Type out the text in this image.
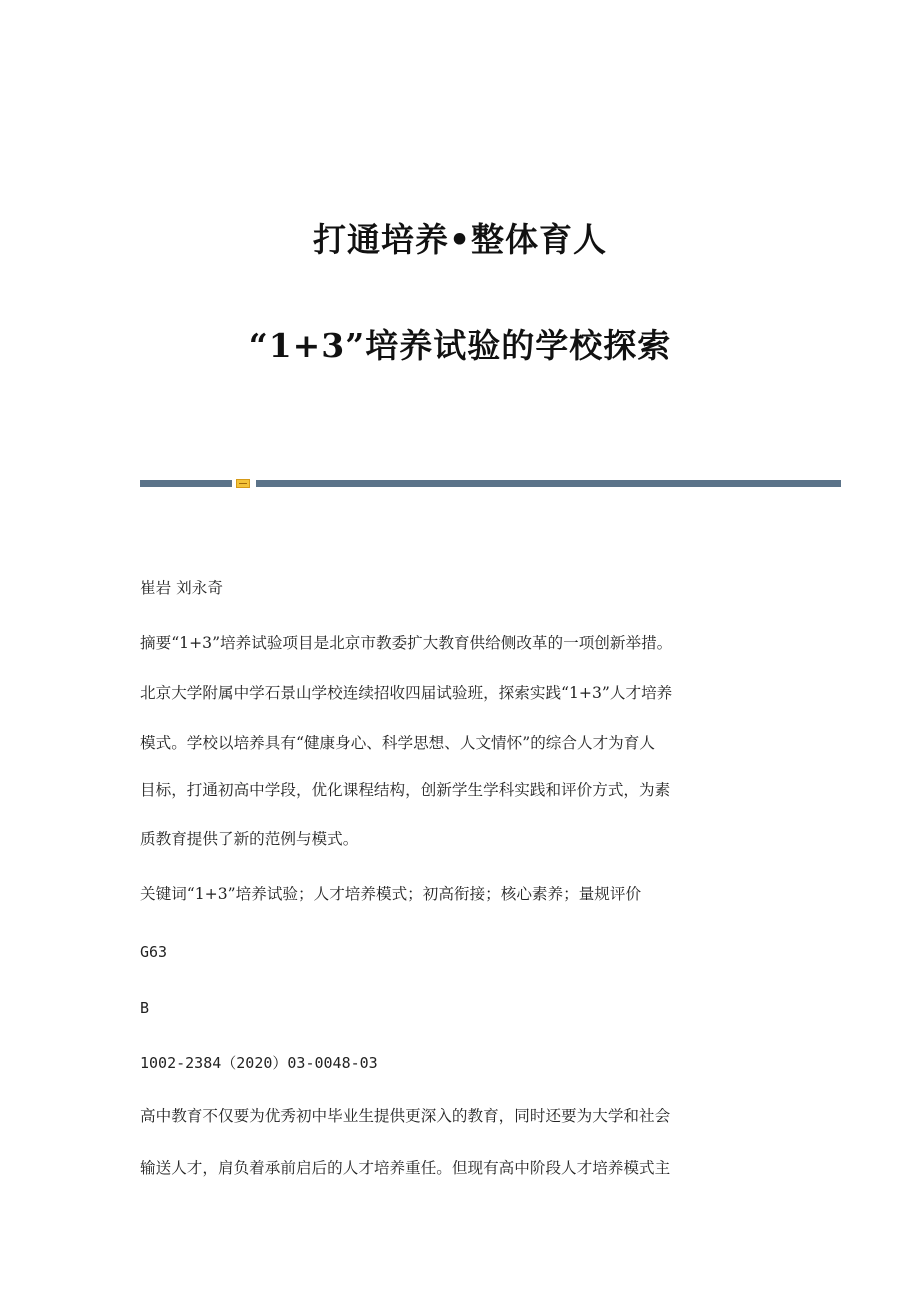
打通培养•整体育人
“1+3”培养试验的学校探索
崔岩 刘永奇
摘要“1+3”培养试验项目是北京市教委扩大教育供给侧改革的一项创新举措。
北京大学附属中学石景山学校连续招收四届试验班，探索实践“1+3”人才培养
模式。学校以培养具有“健康身心、科学思想、人文情怀”的综合人才为育人
目标，打通初高中学段，优化课程结构，创新学生学科实践和评价方式，为素
质教育提供了新的范例与模式。
关键词“1+3”培养试验；人才培养模式；初高衔接；核心素养；量规评价
G63
B
1002-2384（2020）03-0048-03
高中教育不仅要为优秀初中毕业生提供更深入的教育，同时还要为大学和社会
输送人才，肩负着承前启后的人才培养重任。但现有高中阶段人才培养模式主
